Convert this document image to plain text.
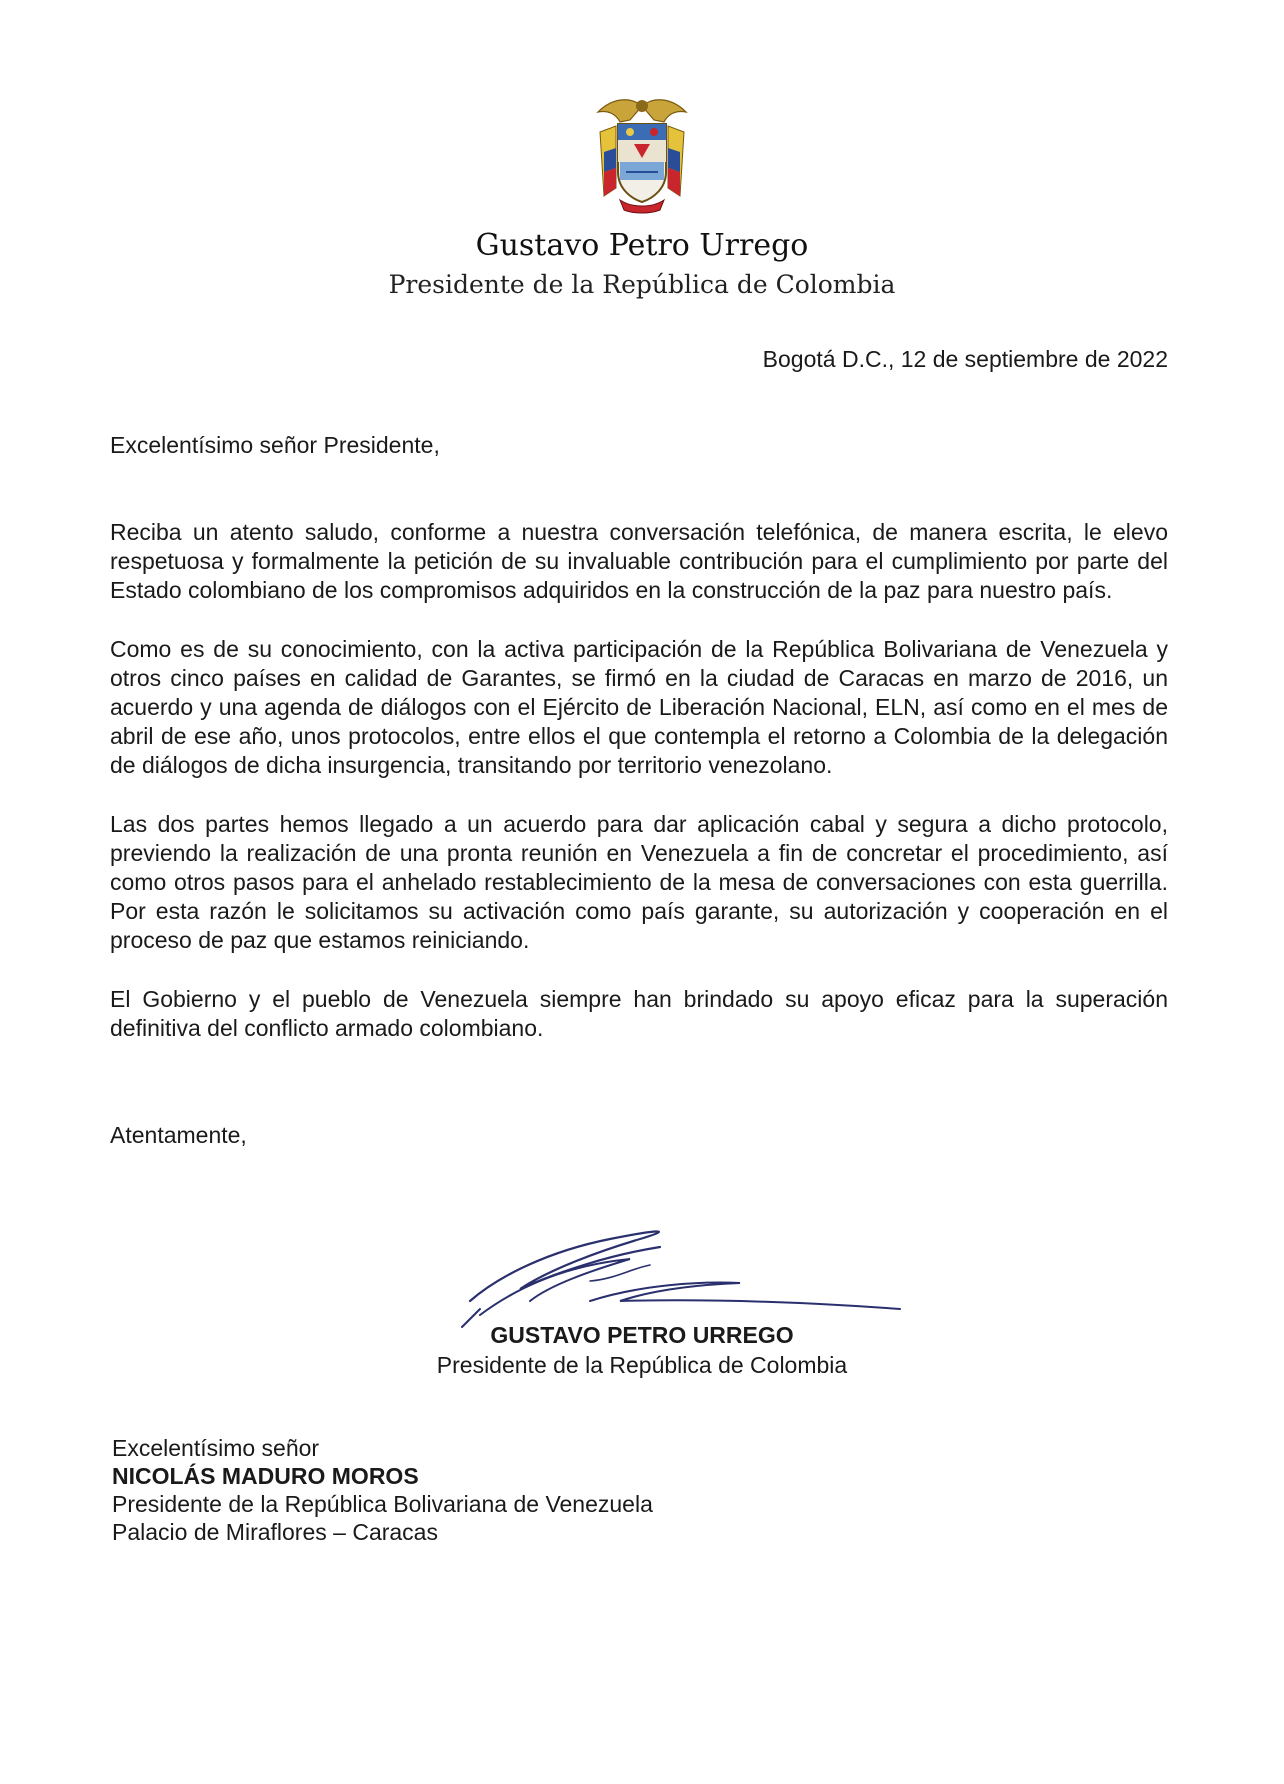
Gustavo Petro Urrego
Presidente de la República de Colombia
Bogotá D.C., 12 de septiembre de 2022
Excelentísimo señor Presidente,

Reciba un atento saludo, conforme a nuestra conversación telefónica, de manera escrita, le elevo respetuosa y formalmente la petición de su invaluable contribución para el cumplimiento por parte del Estado colombiano de los compromisos adquiridos en la construcción de la paz para nuestro país.

Como es de su conocimiento, con la activa participación de la República Bolivariana de Venezuela y otros cinco países en calidad de Garantes, se firmó en la ciudad de Caracas en marzo de 2016, un acuerdo y una agenda de diálogos con el Ejército de Liberación Nacional, ELN, así como en el mes de abril de ese año, unos protocolos, entre ellos el que contempla el retorno a Colombia de la delegación de diálogos de dicha insurgencia, transitando por territorio venezolano.

Las dos partes hemos llegado a un acuerdo para dar aplicación cabal y segura a dicho protocolo, previendo la realización de una pronta reunión en Venezuela a fin de concretar el procedimiento, así como otros pasos para el anhelado restablecimiento de la mesa de conversaciones con esta guerrilla. Por esta razón le solicitamos su activación como país garante, su autorización y cooperación en el proceso de paz que estamos reiniciando.

El Gobierno y el pueblo de Venezuela siempre han brindado su apoyo eficaz para la superación definitiva del conflicto armado colombiano.

Atentamente,
GUSTAVO PETRO URREGO
Presidente de la República de Colombia
Excelentísimo señor
NICOLÁS MADURO MOROS
Presidente de la República Bolivariana de Venezuela
Palacio de Miraflores – Caracas
